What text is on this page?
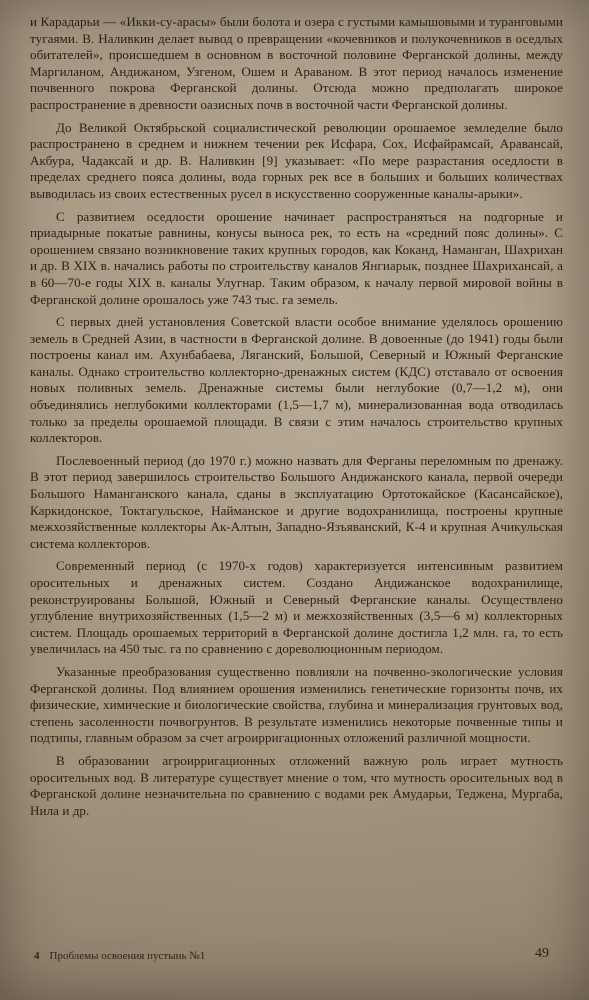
и Карадарьи — «Икки-су-арасы» были болота и озера с густыми камышовыми и туранговыми тугаями. В. Наливкин делает вывод о превращении «кочевников и полукочевников в оседлых обитателей», происшедшем в основном в восточной половине Ферганской долины, между Маргиланом, Андижаном, Узгеном, Ошем и Араваном. В этот период началось изменение почвенного покрова Ферганской долины. Отсюда можно предполагать широкое распространение в древности оазисных почв в восточной части Ферганской долины.

До Великой Октябрьской социалистической революции орошаемое земледелие было распространено в среднем и нижнем течении рек Исфара, Сох, Исфайрамсай, Аравансай, Акбура, Чадаксай и др. В. Наливкин [9] указывает: «По мере разрастания оседлости в пределах среднего пояса долины, вода горных рек все в больших и больших количествах выводилась из своих естественных русел в искусственно сооруженные каналы-арыки».

С развитием оседлости орошение начинает распространяться на подгорные и приадырные покатые равнины, конусы выноса рек, то есть на «средний пояс долины». С орошением связано возникновение таких крупных городов, как Коканд, Наманган, Шахрихан и др. В XIX в. начались работы по строительству каналов Янгиарык, позднее Шахрихансай, а в 60—70-е годы XIX в. каналы Улугнар. Таким образом, к началу первой мировой войны в Ферганской долине орошалось уже 743 тыс. га земель.

С первых дней установления Советской власти особое внимание уделялось орошению земель в Средней Азии, в частности в Ферганской долине. В довоенные (до 1941) годы были построены канал им. Ахунбабаева, Ляганский, Большой, Северный и Южный Ферганские каналы. Однако строительство коллекторно-дренажных систем (КДС) отставало от освоения новых поливных земель. Дренажные системы были неглубокие (0,7—1,2 м), они объединялись неглубокими коллекторами (1,5—1,7 м), минерализованная вода отводилась только за пределы орошаемой площади. В связи с этим началось строительство крупных коллекторов.

Послевоенный период (до 1970 г.) можно назвать для Ферганы переломным по дренажу. В этот период завершилось строительство Большого Андижанского канала, первой очереди Большого Наманганского канала, сданы в эксплуатацию Ортотокайское (Касансайское), Каркидонское, Токтагульское, Найманское и другие водохранилища, построены крупные межхозяйственные коллекторы Ак-Алтын, Западно-Язъяванский, К-4 и крупная Ачикульская система коллекторов.

Современный период (с 1970-х годов) характеризуется интенсивным развитием оросительных и дренажных систем. Создано Андижанское водохранилище, реконструированы Большой, Южный и Северный Ферганские каналы. Осуществлено углубление внутрихозяйственных (1,5—2 м) и межхозяйственных (3,5—6 м) коллекторных систем. Площадь орошаемых территорий в Ферганской долине достигла 1,2 млн. га, то есть увеличилась на 450 тыс. га по сравнению с дореволюционным периодом.

Указанные преобразования существенно повлияли на почвенно-экологические условия Ферганской долины. Под влиянием орошения изменились генетические горизонты почв, их физические, химические и биологические свойства, глубина и минерализация грунтовых вод, степень засоленности почвогрунтов. В результате изменились некоторые почвенные типы и подтипы, главным образом за счет агроирригационных отложений различной мощности.

В образовании агроирригационных отложений важную роль играет мутность оросительных вод. В литературе существует мнение о том, что мутность оросительных вод в Ферганской долине незначительна по сравнению с водами рек Амударьи, Теджена, Мургаба, Нила и др.

4 Проблемы освоения пустынь №1	49
